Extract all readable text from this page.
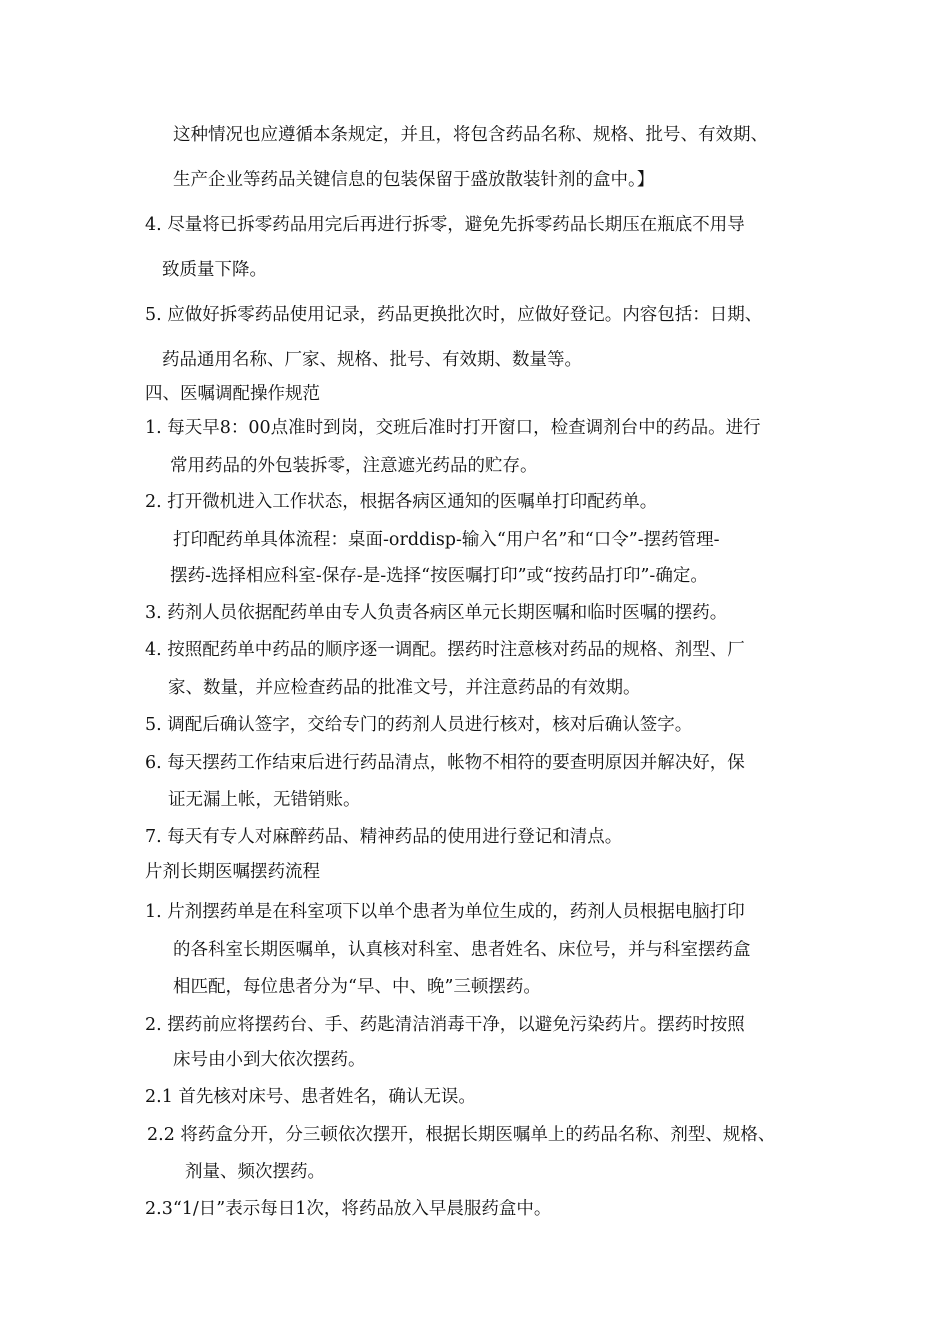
这种情况也应遵循本条规定，并且，将包含药品名称、规格、批号、有效期、
生产企业等药品关键信息的包装保留于盛放散装针剂的盒中。】
4. 尽量将已拆零药品用完后再进行拆零，避免先拆零药品长期压在瓶底不用导
致质量下降。
5. 应做好拆零药品使用记录，药品更换批次时，应做好登记。内容包括：日期、
药品通用名称、厂家、规格、批号、有效期、数量等。
四、医嘱调配操作规范
1. 每天早8：00点准时到岗，交班后准时打开窗口，检查调剂台中的药品。进行
常用药品的外包装拆零，注意遮光药品的贮存。
2. 打开微机进入工作状态，根据各病区通知的医嘱单打印配药单。
打印配药单具体流程：桌面-orddisp-输入“用户名”和“口令”-摆药管理-
摆药-选择相应科室-保存-是-选择“按医嘱打印”或“按药品打印”-确定。
3. 药剂人员依据配药单由专人负责各病区单元长期医嘱和临时医嘱的摆药。
4. 按照配药单中药品的顺序逐一调配。摆药时注意核对药品的规格、剂型、厂
家、数量，并应检查药品的批准文号，并注意药品的有效期。
5. 调配后确认签字，交给专门的药剂人员进行核对，核对后确认签字。
6. 每天摆药工作结束后进行药品清点，帐物不相符的要查明原因并解决好，保
证无漏上帐，无错销账。
7. 每天有专人对麻醉药品、精神药品的使用进行登记和清点。
片剂长期医嘱摆药流程
1. 片剂摆药单是在科室项下以单个患者为单位生成的，药剂人员根据电脑打印
的各科室长期医嘱单，认真核对科室、患者姓名、床位号，并与科室摆药盒
相匹配，每位患者分为“早、中、晚”三顿摆药。
2. 摆药前应将摆药台、手、药匙清洁消毒干净，以避免污染药片。摆药时按照
床号由小到大依次摆药。
2.1 首先核对床号、患者姓名，确认无误。
2.2 将药盒分开，分三顿依次摆开，根据长期医嘱单上的药品名称、剂型、规格、
剂量、频次摆药。
2.3“1/日”表示每日1次，将药品放入早晨服药盒中。
